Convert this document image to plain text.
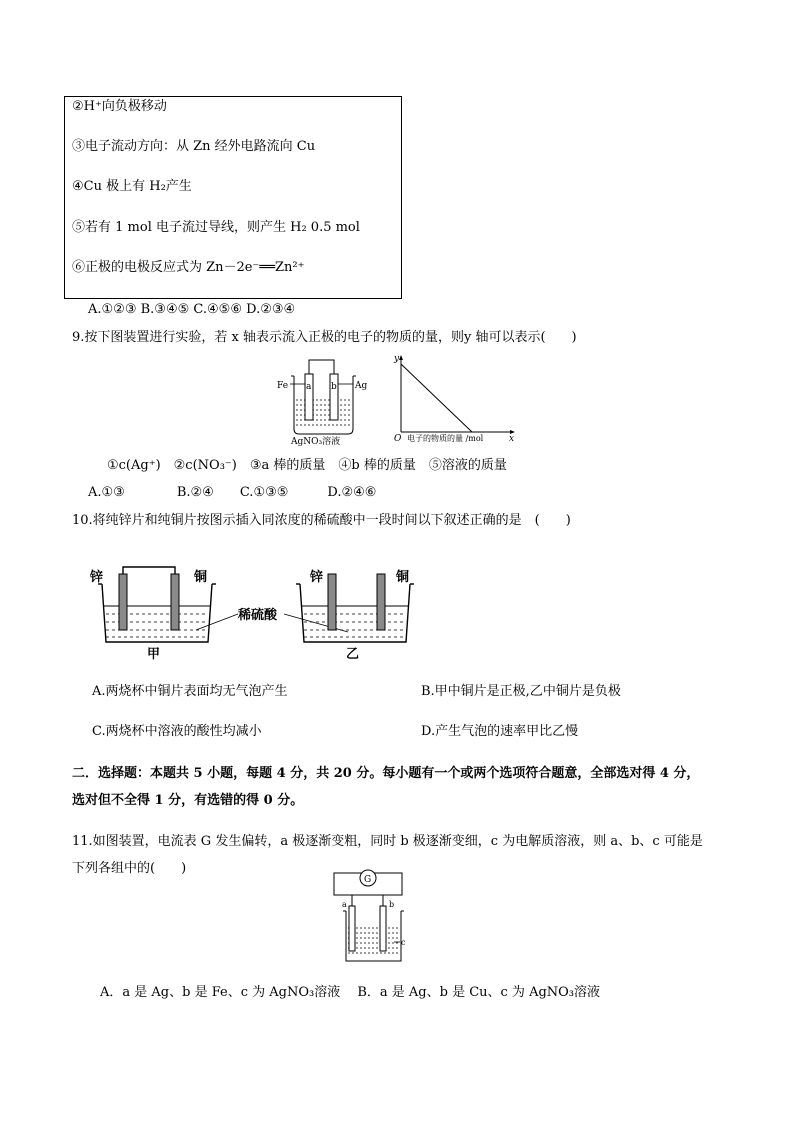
②H⁺向负极移动
③电子流动方向：从 Zn 经外电路流向 Cu
④Cu 极上有 H₂产生
⑤若有 1 mol 电子流过导线，则产生 H₂ 0.5 mol
⑥正极的电极反应式为 Zn－2e⁻══Zn²⁺
A.①②③ B.③④⑤ C.④⑤⑥ D.②③④
9.按下图装置进行实验，若 x 轴表示流入正极的电子的物质的量，则y 轴可以表示(　　)
Fe	Ag
a b
AgNO₃溶液
y
x
O 电子的物质的量 /mol
①c(Ag⁺)　②c(NO₃⁻)　③a 棒的质量　④b 棒的质量　⑤溶液的质量
A.①③　　　　B.②④　　C.①③⑤　　　D.②④⑥
10.将纯锌片和纯铜片按图示插入同浓度的稀硫酸中一段时间以下叙述正确的是　(　　)
锌	铜
甲
稀硫酸
锌	铜
乙
A.两烧杯中铜片表面均无气泡产生	B.甲中铜片是正极,乙中铜片是负极
C.两烧杯中溶液的酸性均减小	D.产生气泡的速率甲比乙慢
二．选择题：本题共 5 小题，每题 4 分，共 20 分。每小题有一个或两个选项符合题意，全部选对得 4 分，
选对但不全得 1 分，有选错的得 0 分。
11.如图装置，电流表 G 发生偏转，a 极逐渐变粗，同时 b 极逐渐变细，c 为电解质溶液，则 a、b、c 可能是
下列各组中的(　　)
G
a	b
c
A．a 是 Ag、b 是 Fe、c 为 AgNO₃溶液　 B．a 是 Ag、b 是 Cu、c 为 AgNO₃溶液
